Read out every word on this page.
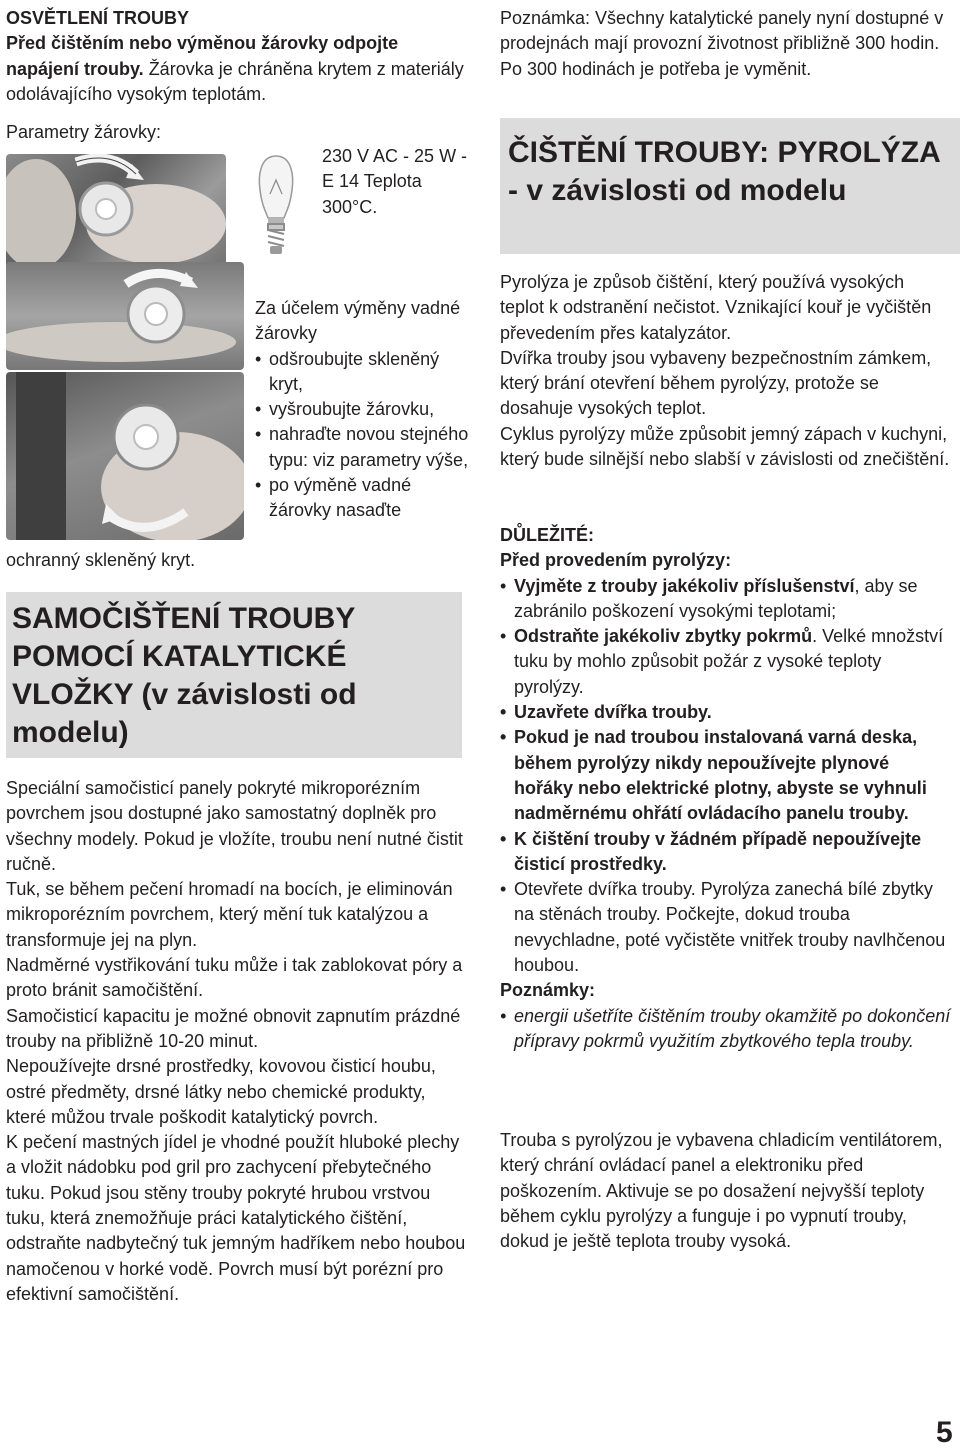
OSVĚTLENÍ TROUBY
Před čištěním nebo výměnou žárovky odpojte napájení trouby. Žárovka je chráněna krytem z materiály odolávajícího vysokým teplotám.
Parametry žárovky:
230 V AC - 25 W - E 14 Teplota 300°C.
Za účelem výměny vadné žárovky
• odšroubujte skleněný kryt,
• vyšroubujte žárovku,
• nahraďte novou stejného typu: viz parametry výše,
• po výměně vadné žárovky nasaďte
ochranný skleněný kryt.
SAMOČIŠŤENÍ TROUBY POMOCÍ KATALYTICKÉ VLOŽKY (v závislosti od modelu)
Speciální samočisticí panely pokryté mikroporézním povrchem jsou dostupné jako samostatný doplněk pro všechny modely. Pokud je vložíte, troubu není nutné čistit ručně.
Tuk, se během pečení hromadí na bocích, je eliminován mikroporézním povrchem, který mění tuk katalýzou a transformuje jej na plyn.
Nadměrné vystřikování tuku může i tak zablokovat póry a proto bránit samočištění.
Samočisticí kapacitu je možné obnovit zapnutím prázdné trouby na přibližně 10-20 minut.
Nepoužívejte drsné prostředky, kovovou čisticí houbu, ostré předměty, drsné látky nebo chemické produkty, které můžou trvale poškodit katalytický povrch.
K pečení mastných jídel je vhodné použít hluboké plechy a vložit nádobku pod gril pro zachycení přebytečného tuku. Pokud jsou stěny trouby pokryté hrubou vrstvou tuku, která znemožňuje práci katalytického čištění, odstraňte nadbytečný tuk jemným hadříkem nebo houbou namočenou v horké vodě. Povrch musí být porézní pro efektivní samočištění.
Poznámka: Všechny katalytické panely nyní dostupné v prodejnách mají provozní životnost přibližně 300 hodin. Po 300 hodinách je potřeba je vyměnit.
ČIŠTĚNÍ TROUBY: PYROLÝZA - v závislosti od modelu
Pyrolýza je způsob čištění, který používá vysokých teplot k odstranění nečistot. Vznikající kouř je vyčištěn převedením přes katalyzátor.
Dvířka trouby jsou vybaveny bezpečnostním zámkem, který brání otevření během pyrolýzy, protože se dosahuje vysokých teplot.
Cyklus pyrolýzy může způsobit jemný zápach v kuchyni, který bude silnější nebo slabší v závislosti od znečištění.
DŮLEŽITÉ:
Před provedením pyrolýzy:
• Vyjměte z trouby jakékoliv příslušenství, aby se zabránilo poškození vysokými teplotami;
• Odstraňte jakékoliv zbytky pokrmů. Velké množství tuku by mohlo způsobit požár z vysoké teploty pyrolýzy.
• Uzavřete dvířka trouby.
• Pokud je nad troubou instalovaná varná deska, během pyrolýzy nikdy nepoužívejte plynové hořáky nebo elektrické plotny, abyste se vyhnuli nadměrnému ohřátí ovládacího panelu trouby.
• K čištění trouby v žádném případě nepoužívejte čisticí prostředky.
• Otevřete dvířka trouby. Pyrolýza zanechá bílé zbytky na stěnách trouby. Počkejte, dokud trouba nevychladne, poté vyčistěte vnitřek trouby navlhčenou houbou.
Poznámky:
• energii ušetříte čištěním trouby okamžitě po dokončení přípravy pokrmů využitím zbytkového tepla trouby.
Trouba s pyrolýzou je vybavena chladicím ventilátorem, který chrání ovládací panel a elektroniku před poškozením. Aktivuje se po dosažení nejvyšší teploty během cyklu pyrolýzy a funguje i po vypnutí trouby, dokud je ještě teplota trouby vysoká.
5
